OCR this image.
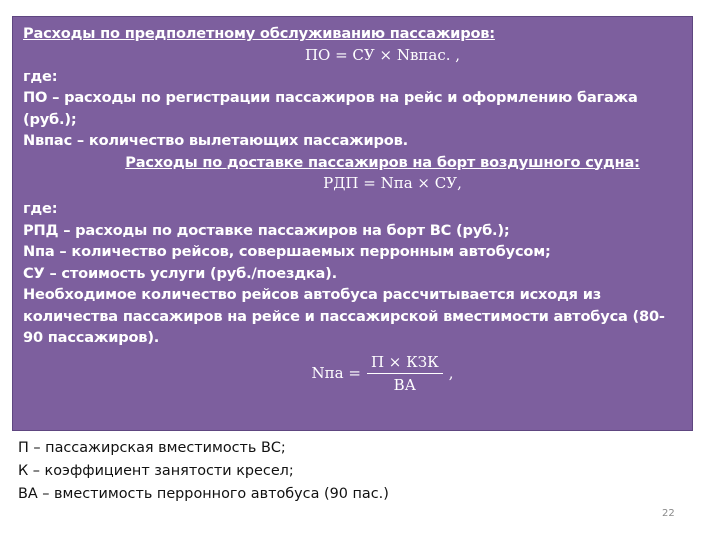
Расходы по предполетному обслуживанию пассажиров:
ПО = СУ × Nвпас. ,
где:
ПО – расходы по регистрации пассажиров на рейс и оформлению багажа (руб.);
Nвпас – количество вылетающих пассажиров.
Расходы по доставке пассажиров на борт воздушного судна:
РДП = Nпа × СУ,
где:
РПД – расходы по доставке пассажиров на борт ВС (руб.);
Nпа – количество рейсов, совершаемых перронным автобусом;
СУ – стоимость услуги (руб./поездка).
Необходимое количество рейсов автобуса рассчитывается исходя из количества пассажиров на рейсе и пассажирской вместимости автобуса (80-90 пассажиров).
Nпа = $\frac{\text{П × КЗК}}{ВА}$ ,
П – пассажирская вместимость ВС;
К – коэффициент занятости кресел;
ВА – вместимость перронного автобуса (90 пас.)
22
